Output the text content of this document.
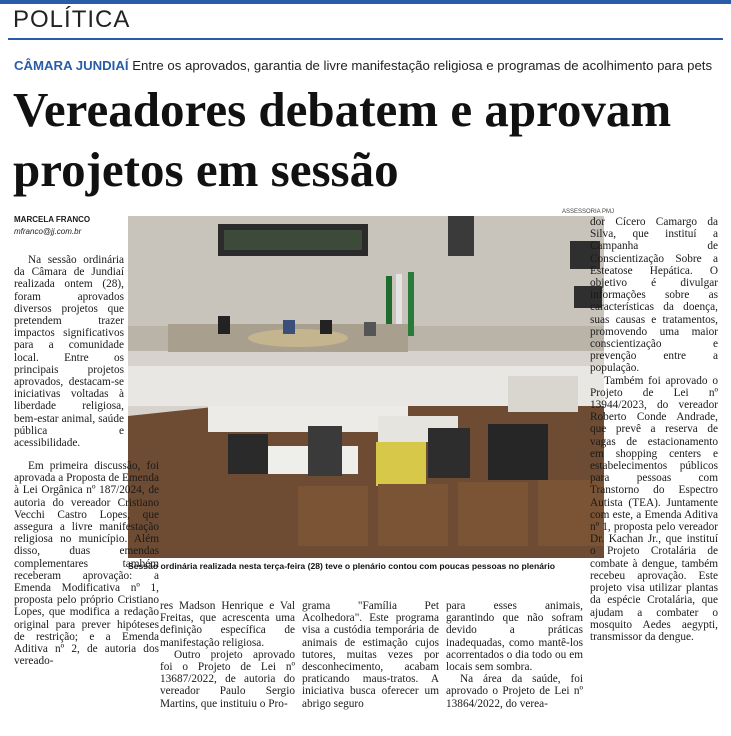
POLÍTICA
CÂMARA JUNDIAÍ Entre os aprovados, garantia de livre manifestação religiosa e programas de acolhimento para pets
Vereadores debatem e aprovam projetos em sessão
MARCELA FRANCO
mfranco@jj.com.br
ASSESSORIA PMJ
Sessão ordinária realizada nesta terça-feira (28) teve o plenário contou com poucas pessoas no plenário

Na sessão ordinária da Câmara de Jundiaí realizada ontem (28), foram aprovados diversos projetos que pretendem trazer impactos significativos para a comunidade local. Entre os principais projetos aprovados, destacam-se iniciativas voltadas à liberdade religiosa, bem-estar animal, saúde pública e acessibilidade.

Em primeira discussão, foi aprovada a Proposta de Emenda à Lei Orgânica nº 187/2024, de autoria do vereador Cristiano Vecchi Castro Lopes, que assegura a livre manifestação religiosa no município. Além disso, duas emendas complementares também receberam aprovação: a Emenda Modificativa nº 1, proposta pelo próprio Cristiano Lopes, que modifica a redação original para prever hipóteses de restrição; e a Emenda Aditiva nº 2, de autoria dos vereado-

res Madson Henrique e Val Freitas, que acrescenta uma definição específica de manifestação religiosa.

Outro projeto aprovado foi o Projeto de Lei nº 13687/2022, de autoria do vereador Paulo Sergio Martins, que instituiu o Pro-

grama "Família Pet Acolhedora". Este programa visa a custódia temporária de animais de estimação cujos tutores, muitas vezes por desconhecimento, acabam praticando maus-tratos. A iniciativa busca oferecer um abrigo seguro

para esses animais, garantindo que não sofram devido a práticas inadequadas, como mantê-los acorrentados o dia todo ou em locais sem sombra.

Na área da saúde, foi aprovado o Projeto de Lei nº 13864/2022, do verea-

dor Cícero Camargo da Silva, que instituí a Campanha de Conscientização Sobre a Esteatose Hepática. O objetivo é divulgar informações sobre as características da doença, suas causas e tratamentos, promovendo uma maior conscientização e prevenção entre a população.

Também foi aprovado o Projeto de Lei nº 13944/2023, do vereador Roberto Conde Andrade, que prevê a reserva de vagas de estacionamento em shopping centers e estabelecimentos públicos para pessoas com Transtorno do Espectro Autista (TEA). Juntamente com este, a Emenda Aditiva nº 1, proposta pelo vereador Dr. Kachan Jr., que instituí o Projeto Crotalária de combate à dengue, também recebeu aprovação. Este projeto visa utilizar plantas da espécie Crotalária, que ajudam a combater o mosquito Aedes aegypti, transmissor da dengue.
